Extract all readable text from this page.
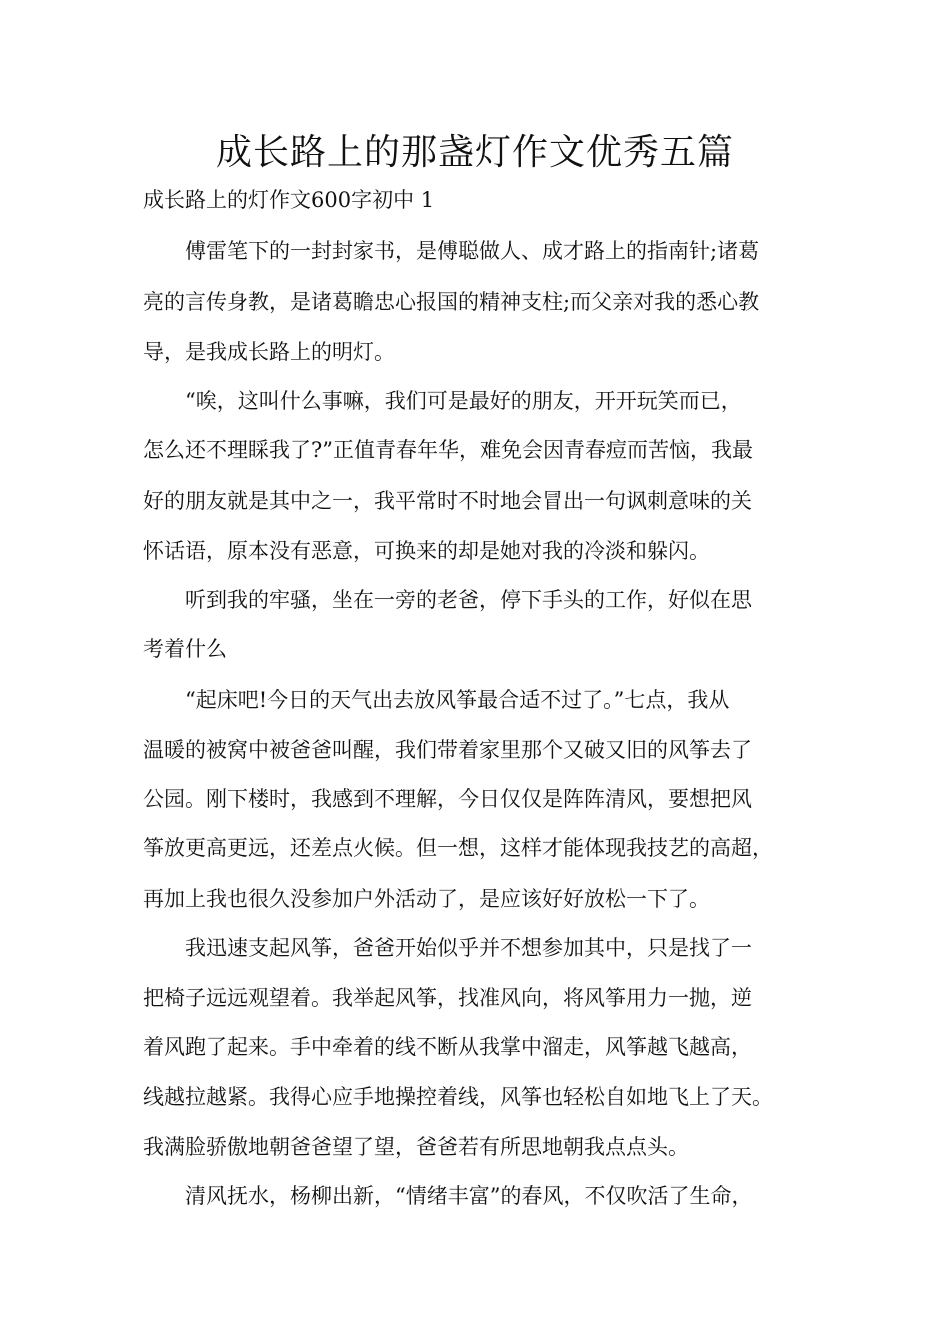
成长路上的那盏灯作文优秀五篇

成长路上的灯作文600字初中 1

　　傅雷笔下的一封封家书，是傅聪做人、成才路上的指南针;诸葛

亮的言传身教，是诸葛瞻忠心报国的精神支柱;而父亲对我的悉心教

导，是我成长路上的明灯。

　　“唉，这叫什么事嘛，我们可是最好的朋友，开开玩笑而已，

怎么还不理睬我了?”正值青春年华，难免会因青春痘而苦恼，我最

好的朋友就是其中之一，我平常时不时地会冒出一句讽刺意味的关

怀话语，原本没有恶意，可换来的却是她对我的冷淡和躲闪。

　　听到我的牢骚，坐在一旁的老爸，停下手头的工作，好似在思

考着什么

　　“起床吧!今日的天气出去放风筝最合适不过了。”七点，我从

温暖的被窝中被爸爸叫醒，我们带着家里那个又破又旧的风筝去了

公园。刚下楼时，我感到不理解，今日仅仅是阵阵清风，要想把风

筝放更高更远，还差点火候。但一想，这样才能体现我技艺的高超，

再加上我也很久没参加户外活动了，是应该好好放松一下了。

　　我迅速支起风筝，爸爸开始似乎并不想参加其中，只是找了一

把椅子远远观望着。我举起风筝，找准风向，将风筝用力一抛，逆

着风跑了起来。手中牵着的线不断从我掌中溜走，风筝越飞越高，

线越拉越紧。我得心应手地操控着线，风筝也轻松自如地飞上了天。

我满脸骄傲地朝爸爸望了望，爸爸若有所思地朝我点点头。

　　清风抚水，杨柳出新，“情绪丰富”的春风，不仅吹活了生命，
